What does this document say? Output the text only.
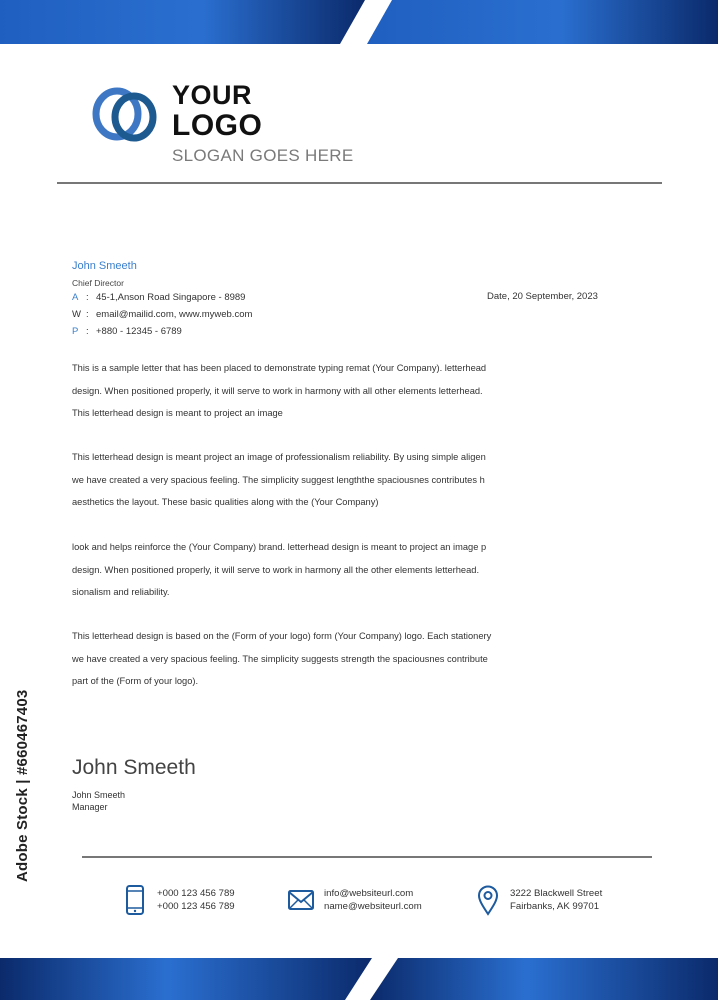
YOUR
LOGO
SLOGAN GOES HERE
John Smeeth
Chief Director
A : 45-1,Anson Road Singapore - 8989
W : email@mailid.com, www.myweb.com
P : +880 - 12345 - 6789
Date, 20 September, 2023
This is a sample letter that has been placed to demonstrate typing remat (Your Company). letterhead
design. When positioned properly, it will serve to work in harmony with all other elements letterhead.
This letterhead design is meant to project an image
This letterhead design is meant project an image of professionalism reliability. By using simple aligen
we have created a very spacious feeling. The simplicity suggest lengththe spaciousnes contributes h
aesthetics the layout. These basic qualities along with the (Your Company)
look and helps reinforce the (Your Company) brand. letterhead design is meant to project an image p
design. When positioned properly, it will serve to work in harmony all the other elements letterhead.
sionalism and reliability.
This letterhead design is based on the (Form of your logo) form (Your Company) logo. Each stationery
we have created a very spacious feeling. The simplicity suggests strength the spaciousnes contribute
part of the (Form of your logo).
John Smeeth
John Smeeth
Manager
+000 123 456 789
+000 123 456 789
info@websiteurl.com
name@websiteurl.com
3222 Blackwell Street
Fairbanks, AK 99701
Adobe Stock | #660467403
